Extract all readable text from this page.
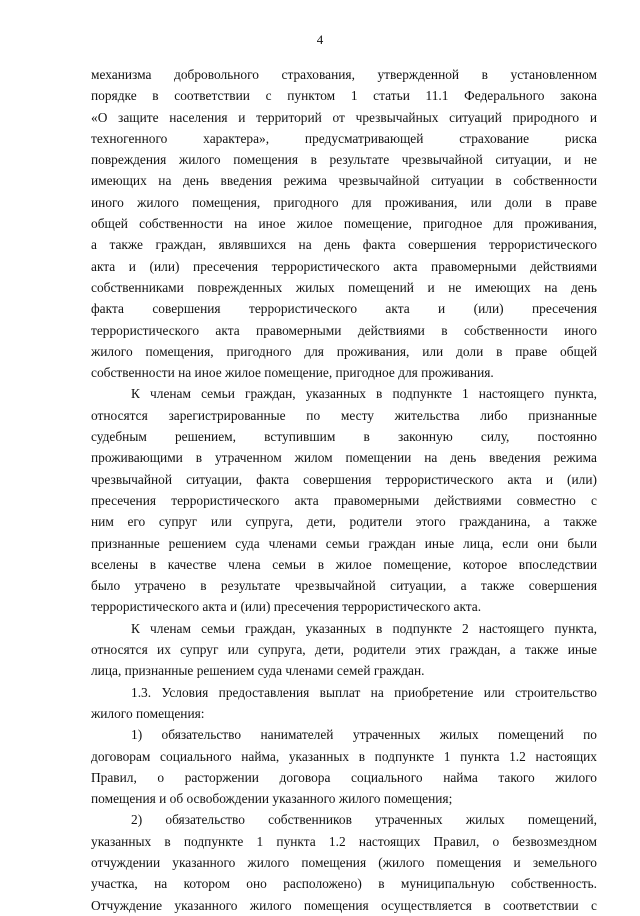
4
механизма добровольного страхования, утвержденной в установленном
порядке в соответствии с пунктом 1 статьи 11.1 Федерального закона
«О защите населения и территорий от чрезвычайных ситуаций природного и
техногенного характера», предусматривающей страхование риска
повреждения жилого помещения в результате чрезвычайной ситуации, и не
имеющих на день введения режима чрезвычайной ситуации в собственности
иного жилого помещения, пригодного для проживания, или доли в праве
общей собственности на иное жилое помещение, пригодное для проживания,
а также граждан, являвшихся на день факта совершения террористического
акта и (или) пресечения террористического акта правомерными действиями
собственниками поврежденных жилых помещений и не имеющих на день
факта совершения террористического акта и (или) пресечения
террористического акта правомерными действиями в собственности иного
жилого помещения, пригодного для проживания, или доли в праве общей
собственности на иное жилое помещение, пригодное для проживания.
К членам семьи граждан, указанных в подпункте 1 настоящего пункта,
относятся зарегистрированные по месту жительства либо признанные
судебным решением, вступившим в законную силу, постоянно
проживающими в утраченном жилом помещении на день введения режима
чрезвычайной ситуации, факта совершения террористического акта и (или)
пресечения террористического акта правомерными действиями совместно с
ним его супруг или супруга, дети, родители этого гражданина, а также
признанные решением суда членами семьи граждан иные лица, если они были
вселены в качестве члена семьи в жилое помещение, которое впоследствии
было утрачено в результате чрезвычайной ситуации, а также совершения
террористического акта и (или) пресечения террористического акта.
К членам семьи граждан, указанных в подпункте 2 настоящего пункта,
относятся их супруг или супруга, дети, родители этих граждан, а также иные
лица, признанные решением суда членами семей граждан.
1.3. Условия предоставления выплат на приобретение или строительство
жилого помещения:
1) обязательство нанимателей утраченных жилых помещений по
договорам социального найма, указанных в подпункте 1 пункта 1.2 настоящих
Правил, о расторжении договора социального найма такого жилого
помещения и об освобождении указанного жилого помещения;
2) обязательство собственников утраченных жилых помещений,
указанных в подпункте 1 пункта 1.2 настоящих Правил, о безвозмездном
отчуждении указанного жилого помещения (жилого помещения и земельного
участка, на котором оно расположено) в муниципальную собственность.
Отчуждение указанного жилого помещения осуществляется в соответствии с
